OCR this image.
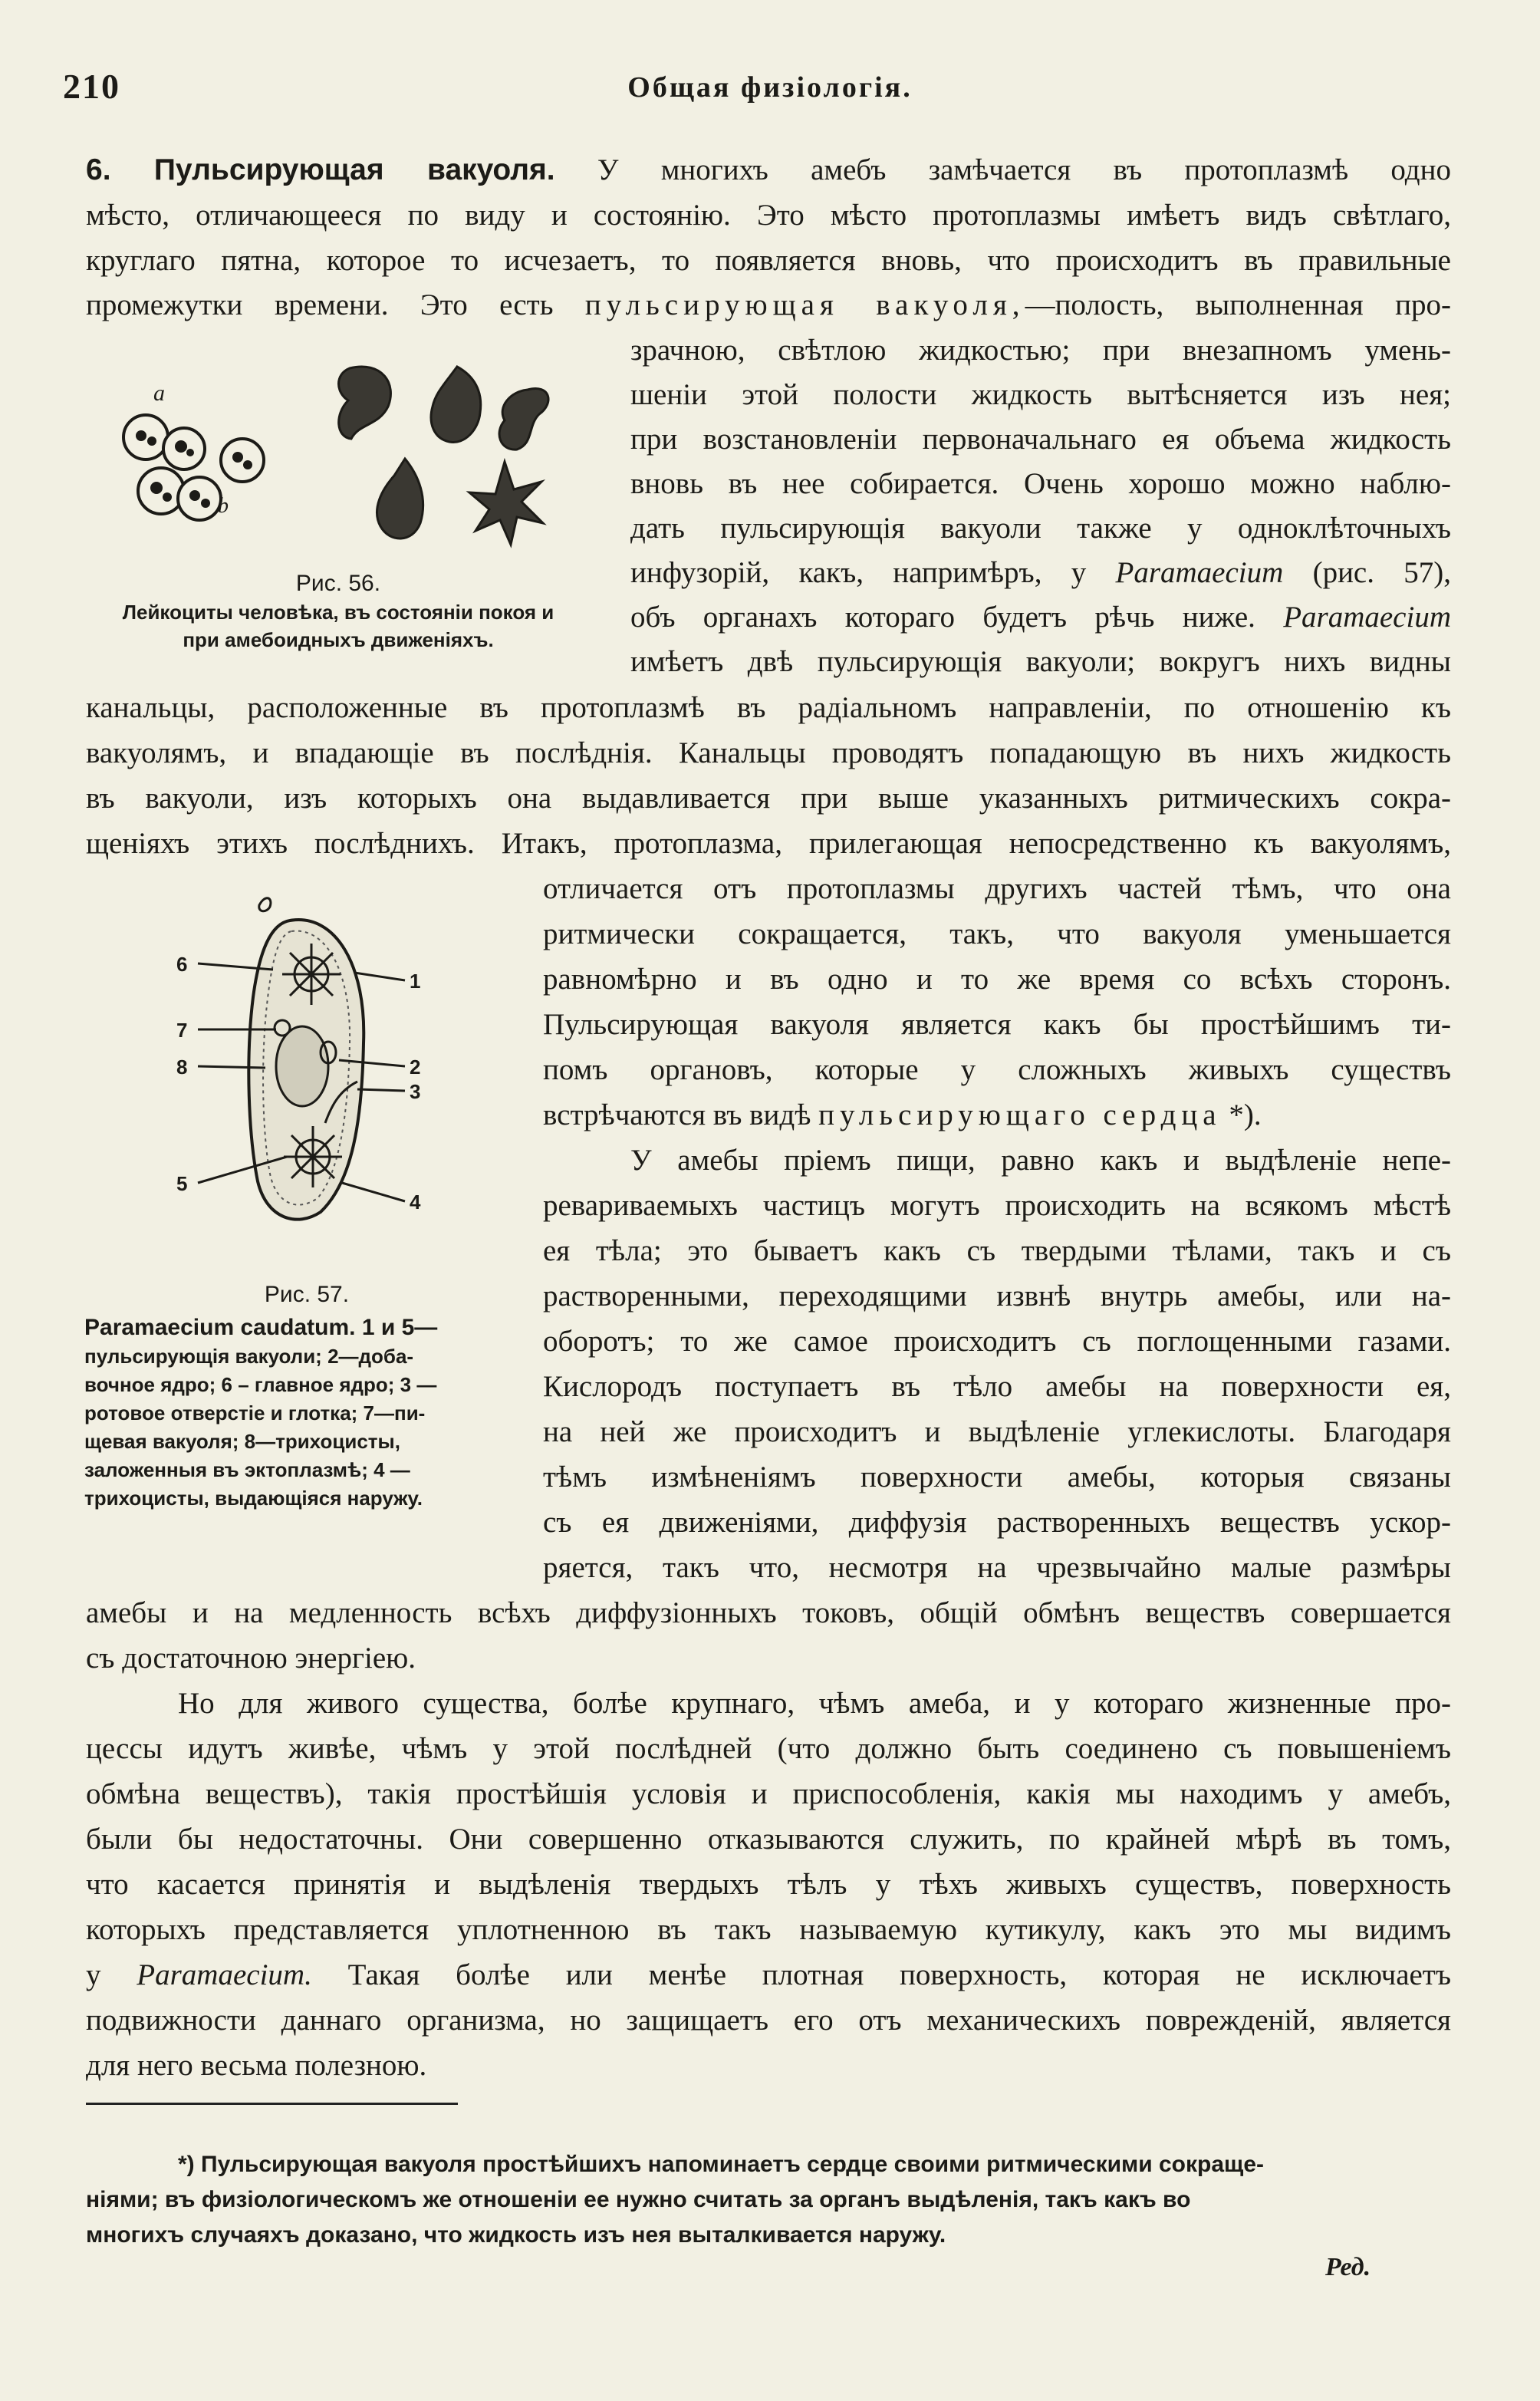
210	Общая физіологія.
6. Пульсирующая вакуоля. У многихъ амебъ замѣчается въ протоплазмѣ одно
мѣсто, отличающееся по виду и состоянію. Это мѣсто протоплазмы имѣетъ видъ свѣтлаго,
круглаго пятна, которое то исчезаетъ, то появляется вновь, что происходитъ въ правильные
промежутки времени. Это есть пульсирующая вакуоля,—полость, выполненная про-
зрачною, свѣтлою жидкостью; при внезапномъ умень-
шеніи этой полости жидкость вытѣсняется изъ нея;
при возстановленіи первоначальнаго ея объема жидкость
вновь въ нее собирается. Очень хорошо можно наблю-
дать пульсирующія вакуоли также у одноклѣточныхъ
инфузорій, какъ, напримѣръ, у Paramaecium (рис. 57),
объ органахъ котораго будетъ рѣчь ниже. Paramaecium
имѣетъ двѣ пульсирующія вакуоли; вокругъ нихъ видны
канальцы, расположенные въ протоплазмѣ въ радіальномъ направленіи, по отношенію къ
вакуолямъ, и впадающіе въ послѣднія. Канальцы проводятъ попадающую въ нихъ жидкость
въ вакуоли, изъ которыхъ она выдавливается при выше указанныхъ ритмическихъ сокра-
щеніяхъ этихъ послѣднихъ. Итакъ, протоплазма, прилегающая непосредственно къ вакуолямъ,
отличается отъ протоплазмы другихъ частей тѣмъ, что она
ритмически сокращается, такъ, что вакуоля уменьшается
равномѣрно и въ одно и то же время со всѣхъ сторонъ.
Пульсирующая вакуоля является какъ бы простѣйшимъ ти-
помъ органовъ, которые у сложныхъ живыхъ существъ
встрѣчаются въ видѣ пульсирующаго сердца *).
У амебы пріемъ пищи, равно какъ и выдѣленіе непе-
ревариваемыхъ частицъ могутъ происходить на всякомъ мѣстѣ
ея тѣла; это бываетъ какъ съ твердыми тѣлами, такъ и съ
растворенными, переходящими извнѣ внутрь амебы, или на-
оборотъ; то же самое происходитъ съ поглощенными газами.
Кислородъ поступаетъ въ тѣло амебы на поверхности ея,
на ней же происходитъ и выдѣленіе углекислоты. Благодаря
тѣмъ измѣненіямъ поверхности амебы, которыя связаны
съ ея движеніями, диффузія растворенныхъ веществъ ускор-
ряется, такъ что, несмотря на чрезвычайно малые размѣры
амебы и на медленность всѣхъ диффузіонныхъ токовъ, общій обмѣнъ веществъ совершается
съ достаточною энергіею.
Но для живого существа, болѣе крупнаго, чѣмъ амеба, и у котораго жизненные про-
цессы идутъ живѣе, чѣмъ у этой послѣдней (что должно быть соединено съ повышеніемъ
обмѣна веществъ), такія простѣйшія условія и приспособленія, какія мы находимъ у амебъ,
были бы недостаточны. Они совершенно отказываются служить, по крайней мѣрѣ въ томъ,
что касается принятія и выдѣленія твердыхъ тѣлъ у тѣхъ живыхъ существъ, поверхность
которыхъ представляется уплотненною въ такъ называемую кутикулу, какъ это мы видимъ
у Paramaecium. Такая болѣе или менѣе плотная поверхность, которая не исключаетъ
подвижности даннаго организма, но защищаетъ его отъ механическихъ поврежденій, является
для него весьма полезною.
a
b
Рис. 56.
Лейкоциты человѣка, въ состояніи покоя и
при амебоидныхъ движеніяхъ.
6
7
8
5
1
2
3
4
Рис. 57.
Paramaecium caudatum. 1 и 5—
пульсирующія вакуоли; 2—доба-
вочное ядро; 6 – главное ядро; 3 —
ротовое отверстіе и глотка; 7—пи-
щевая вакуоля; 8—трихоцисты,
заложенныя въ эктоплазмѣ; 4 —
трихоцисты, выдающіяся наружу.
*) Пульсирующая вакуоля простѣйшихъ напоминаетъ сердце своими ритмическими сокраще-
ніями; въ физіологическомъ же отношеніи ее нужно считать за органъ выдѣленія, такъ какъ во
многихъ случаяхъ доказано, что жидкость изъ нея выталкивается наружу.
Ред.
